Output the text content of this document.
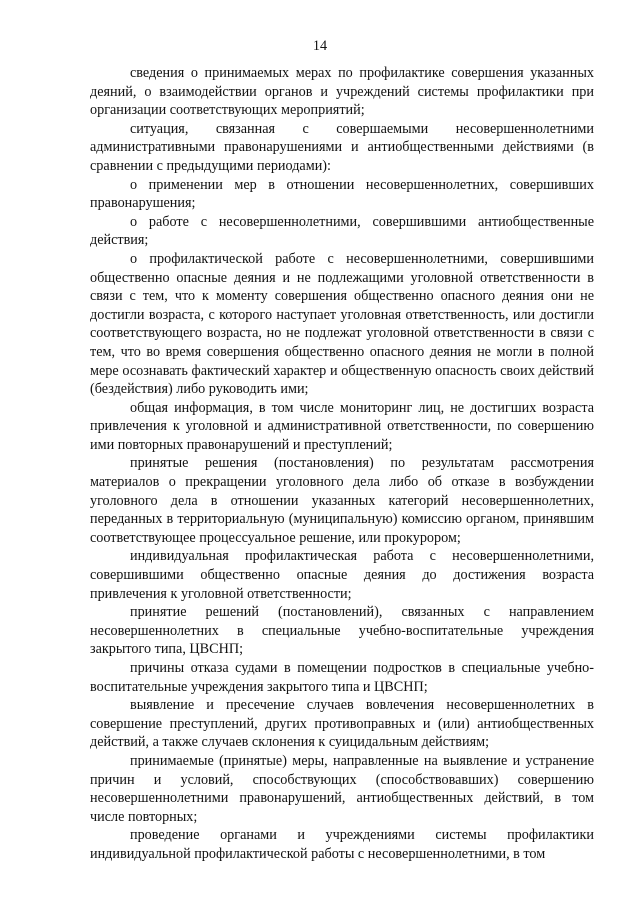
14

сведения о принимаемых мерах по профилактике совершения указанных деяний, о взаимодействии органов и учреждений системы профилактики при организации соответствующих мероприятий;

ситуация, связанная с совершаемыми несовершеннолетними административными правонарушениями и антиобщественными действиями (в сравнении с предыдущими периодами):

о применении мер в отношении несовершеннолетних, совершивших правонарушения;

о работе с несовершеннолетними, совершившими антиобщественные действия;

о профилактической работе с несовершеннолетними, совершившими общественно опасные деяния и не подлежащими уголовной ответственности в связи с тем, что к моменту совершения общественно опасного деяния они не достигли возраста, с которого наступает уголовная ответственность, или достигли соответствующего возраста, но не подлежат уголовной ответственности в связи с тем, что во время совершения общественно опасного деяния не могли в полной мере осознавать фактический характер и общественную опасность своих действий (бездействия) либо руководить ими;

общая информация, в том числе мониторинг лиц, не достигших возраста привлечения к уголовной и административной ответственности, по совершению ими повторных правонарушений и преступлений;

принятые решения (постановления) по результатам рассмотрения материалов о прекращении уголовного дела либо об отказе в возбуждении уголовного дела в отношении указанных категорий несовершеннолетних, переданных в территориальную (муниципальную) комиссию органом, принявшим соответствующее процессуальное решение, или прокурором;

индивидуальная профилактическая работа с несовершеннолетними, совершившими общественно опасные деяния до достижения возраста привлечения к уголовной ответственности;

принятие решений (постановлений), связанных с направлением несовершеннолетних в специальные учебно-воспитательные учреждения закрытого типа, ЦВСНП;

причины отказа судами в помещении подростков в специальные учебно-воспитательные учреждения закрытого типа и ЦВСНП;

выявление и пресечение случаев вовлечения несовершеннолетних в совершение преступлений, других противоправных и (или) антиобщественных действий, а также случаев склонения к суицидальным действиям;

принимаемые (принятые) меры, направленные на выявление и устранение причин и условий, способствующих (способствовавших) совершению несовершеннолетними правонарушений, антиобщественных действий, в том числе повторных;

проведение органами и учреждениями системы профилактики индивидуальной профилактической работы с несовершеннолетними, в том
